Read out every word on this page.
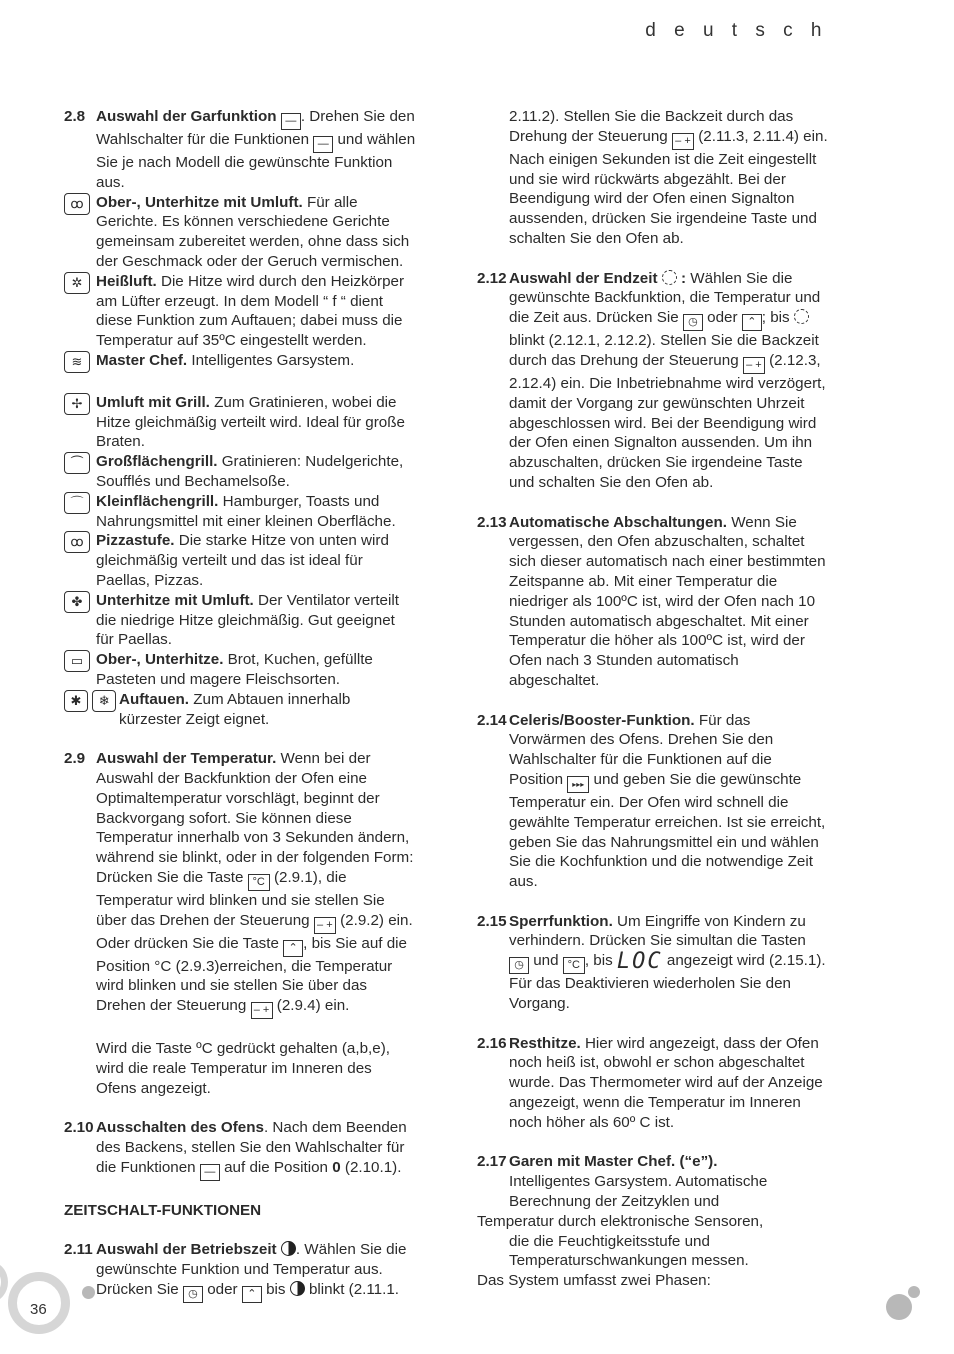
d e u t s c h
2.8 Auswahl der Garfunktion — . Drehen Sie den Wahlschalter für die Funktionen — und wählen Sie je nach Modell die gewünschte Funktion aus.
ꝏ Ober-, Unterhitze mit Umluft. Für alle Gerichte. Es können verschiedene Gerichte gemeinsam zubereitet werden, ohne dass sich der Geschmack oder der Geruch vermischen.
✲ Heißluft. Die Hitze wird durch den Heizkörper am Lüfter erzeugt. In dem Modell “ f “ dient diese Funktion zum Auftauen; dabei muss die Temperatur auf 35ºC eingestellt werden.
≋ Master Chef. Intelligentes Garsystem.
✢ Umluft mit Grill. Zum Gratinieren, wobei die Hitze gleichmäßig verteilt wird. Ideal für große Braten.
⏜ Großflächengrill. Gratinieren: Nudelgerichte, Soufflés und Bechamelsoße.
⌒ Kleinflächengrill. Hamburger, Toasts und Nahrungsmittel mit einer kleinen Oberfläche.
ꝏ Pizzastufe. Die starke Hitze von unten wird gleichmäßig verteilt und das ist ideal für Paellas, Pizzas.
✤ Unterhitze mit Umluft. Der Ventilator verteilt die niedrige Hitze gleichmäßig. Gut geeignet für Paellas.
▭ Ober-, Unterhitze. Brot, Kuchen, gefüllte Pasteten und magere Fleischsorten.
✱ ❄ Auftauen. Zum Abtauen innerhalb kürzester Zeigt eignet.
2.9 Auswahl der Temperatur. Wenn bei der Auswahl der Backfunktion der Ofen eine Optimaltemperatur vorschlägt, beginnt der Backvorgang sofort. Sie können diese Temperatur innerhalb von 3 Sekunden ändern, während sie blinkt, oder in der folgenden Form: Drücken Sie die Taste °C (2.9.1), die Temperatur wird blinken und sie stellen Sie über das Drehen der Steuerung – + (2.9.2) ein. Oder drücken Sie die Taste ⌃ , bis Sie auf die Position °C (2.9.3)erreichen, die Temperatur wird blinken und sie stellen Sie über das Drehen der Steuerung – + (2.9.4) ein.

Wird die Taste ºC gedrückt gehalten (a,b,e), wird die reale Temperatur im Inneren des Ofens angezeigt.

2.10 Ausschalten des Ofens. Nach dem Beenden des Backens, stellen Sie den Wahlschalter für die Funktionen — auf die Position 0 (2.10.1).
ZEITSCHALT-FUNKTIONEN
2.11 Auswahl der Betriebszeit . Wählen Sie die gewünschte Funktion und Temperatur aus. Drücken Sie ◷ oder ⌃ bis blinkt (2.11.1.
2.11.2). Stellen Sie die Backzeit durch das Drehung der Steuerung – + (2.11.3, 2.11.4) ein. Nach einigen Sekunden ist die Zeit eingestellt und sie wird rückwärts abgezählt. Bei der Beendigung wird der Ofen einen Signalton aussenden, drücken Sie irgendeine Taste und schalten Sie den Ofen ab.
2.12 Auswahl der Endzeit : Wählen Sie die gewünschte Backfunktion, die Temperatur und die Zeit aus. Drücken Sie ◷ oder ⌃ ; bis  blinkt (2.12.1, 2.12.2). Stellen Sie die Backzeit durch das Drehung der Steuerung – + (2.12.3, 2.12.4) ein. Die Inbetriebnahme wird verzögert, damit der Vorgang zur gewünschten Uhrzeit abgeschlossen wird. Bei der Beendigung wird der Ofen einen Signalton aussenden. Um ihn abzuschalten, drücken Sie irgendeine Taste und schalten Sie den Ofen ab.
2.13 Automatische Abschaltungen. Wenn Sie vergessen, den Ofen abzuschalten, schaltet sich dieser automatisch nach einer bestimmten Zeitspanne ab. Mit einer Temperatur die niedriger als 100ºC ist, wird der Ofen nach 10 Stunden automatisch abgeschaltet. Mit einer Temperatur die höher als 100ºC ist, wird der Ofen nach 3 Stunden automatisch abgeschaltet.
2.14 Celeris/Booster-Funktion. Für das Vorwärmen des Ofens. Drehen Sie den Wahlschalter für die Funktionen auf die Position ▸▸▸ und geben Sie die gewünschte Temperatur ein. Der Ofen wird schnell die gewählte Temperatur erreichen. Ist sie erreicht, geben Sie das Nahrungsmittel ein und wählen Sie die Kochfunktion und die notwendige Zeit aus.
2.15 Sperrfunktion. Um Eingriffe von Kindern zu verhindern. Drücken Sie simultan die Tasten ◷ und °C , bis LOC angezeigt wird (2.15.1). Für das Deaktivieren wiederholen Sie den Vorgang.
2.16 Resthitze. Hier wird angezeigt, dass der Ofen noch heiß ist, obwohl er schon abgeschaltet wurde. Das Thermometer wird auf der Anzeige angezeigt, wenn die Temperatur im Inneren noch höher als 60º C ist.
2.17 Garen mit Master Chef. (“e”).
Intelligentes Garsystem. Automatische
Berechnung der Zeitzyklen und
Temperatur durch elektronische Sensoren,
die die Feuchtigkeitsstufe und
Temperaturschwankungen messen.
Das System umfasst zwei Phasen:
36
